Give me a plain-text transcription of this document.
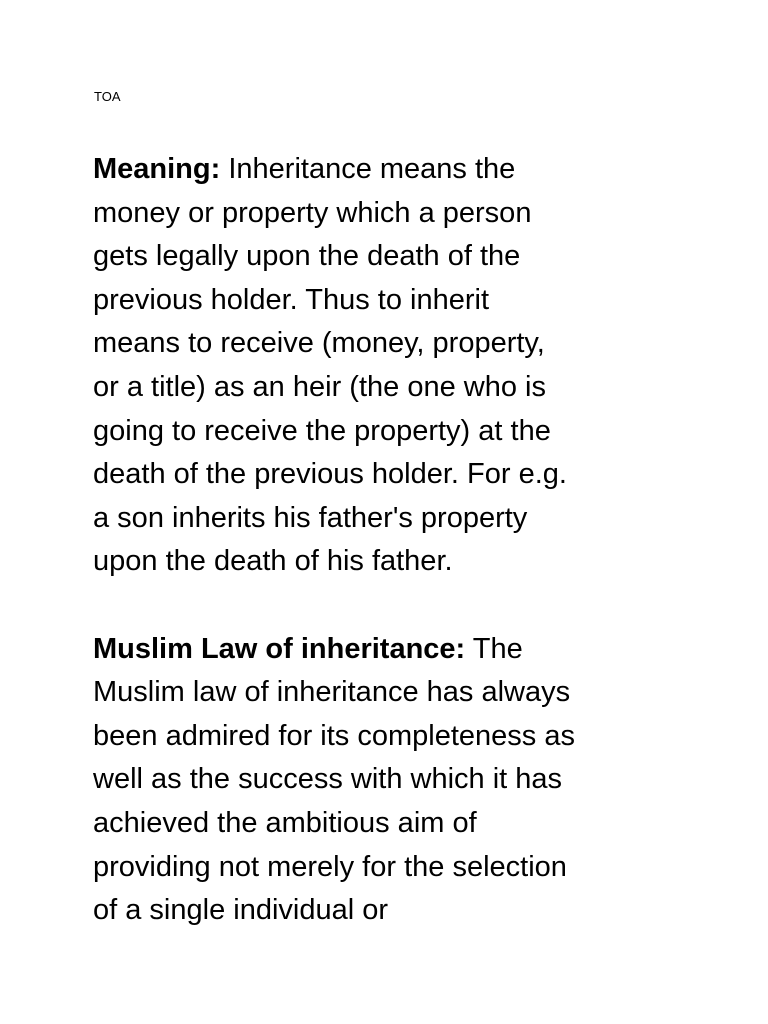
TOA

Meaning: Inheritance means the
money or property which a person
gets legally upon the death of the
previous holder. Thus to inherit
means to receive (money, property,
or a title) as an heir (the one who is
going to receive the property) at the
death of the previous holder. For e.g.
a son inherits his father's property
upon the death of his father.

Muslim Law of inheritance: The
Muslim law of inheritance has always
been admired for its completeness as
well as the success with which it has
achieved the ambitious aim of
providing not merely for the selection
of a single individual or
